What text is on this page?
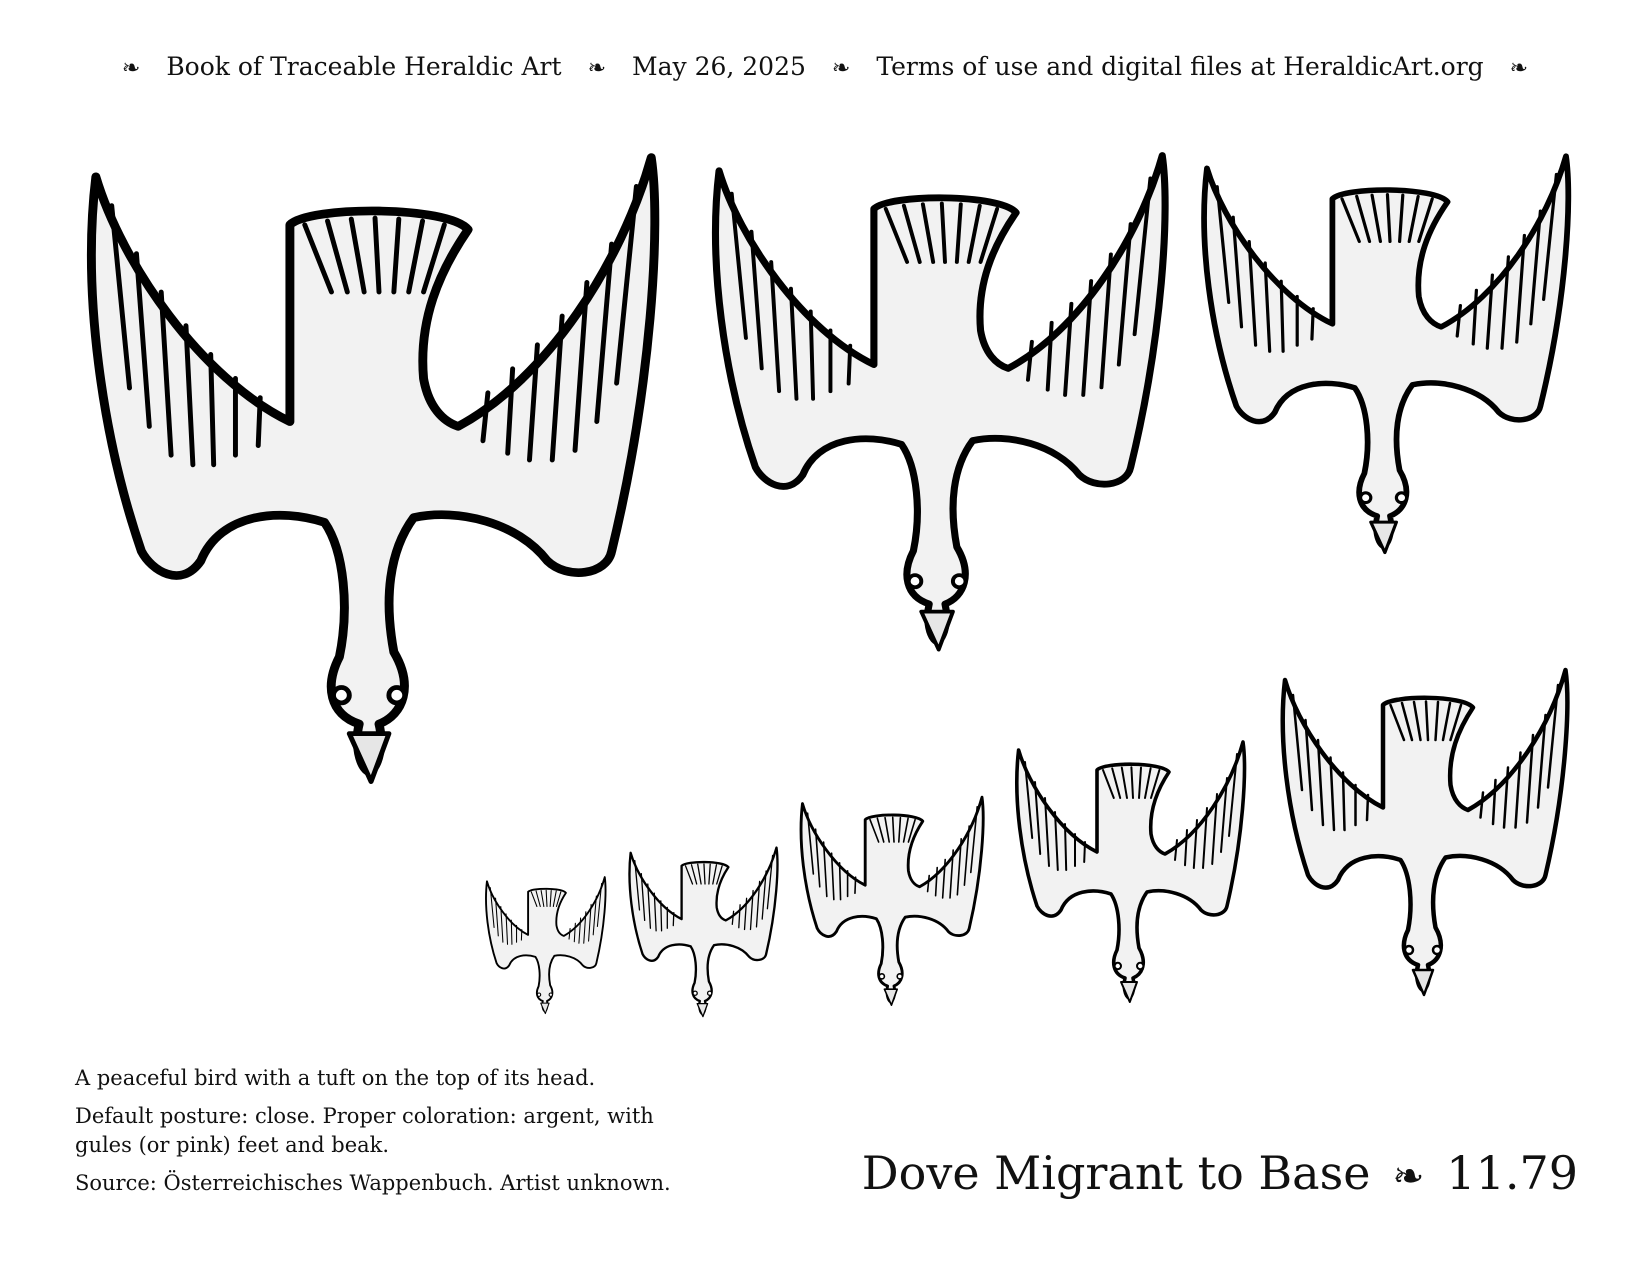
❧ Book of Traceable Heraldic Art ❧ May 26, 2025 ❧ Terms of use and digital files at HeraldicArt.org ❧

A peaceful bird with a tuft on the top of its head.

Default posture: close. Proper coloration: argent, with gules (or pink) feet and beak.

Source: Österreichisches Wappenbuch. Artist unknown.	Dove Migrant to Base ❧ 11.79
